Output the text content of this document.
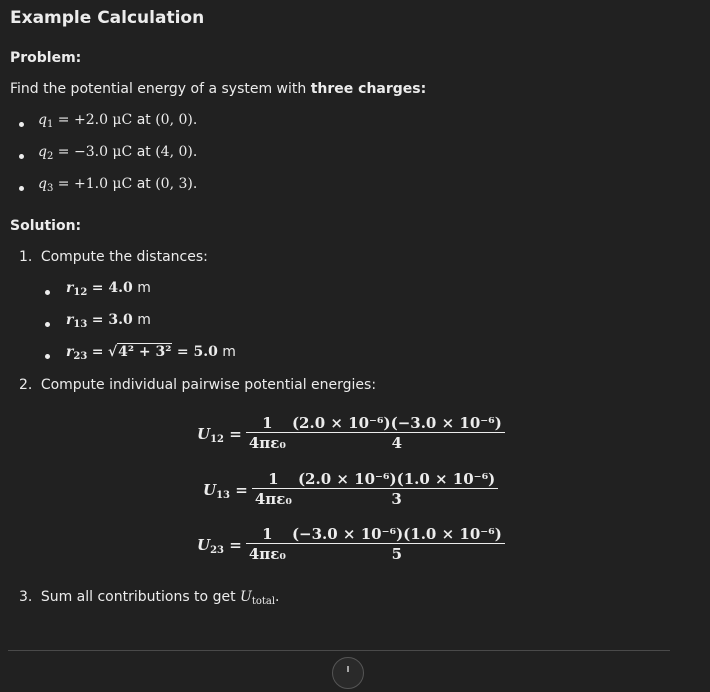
Example Calculation
Problem:
Find the potential energy of a system with three charges:
$q_1 = +2.0$ μC at (0, 0).
$q_2 = -3.0$ μC at (4, 0).
$q_3 = +1.0$ μC at (0, 3).
Solution:
1. Compute the distances:
$r_{12} = 4.0$ m
$r_{13} = 3.0$ m
$r_{23} = √4^2 + 3^2 = 5.0$ m
2. Compute individual pairwise potential energies:
$U_{12} = \frac{1}{\text{4πε₀}} \frac{\text{(2.0 × 10⁻⁶)(−3.0 × 10⁻⁶)}}{4}$
$U_{13} = \frac{1}{\text{4πε₀}} \frac{\text{(2.0 × 10⁻⁶)(1.0 × 10⁻⁶)}}{3}$
$U_{23} = \frac{1}{\text{4πε₀}} \frac{\text{(−3.0 × 10⁻⁶)(1.0 × 10⁻⁶)}}{5}$
3. Sum all contributions to get $U_{total}$.
